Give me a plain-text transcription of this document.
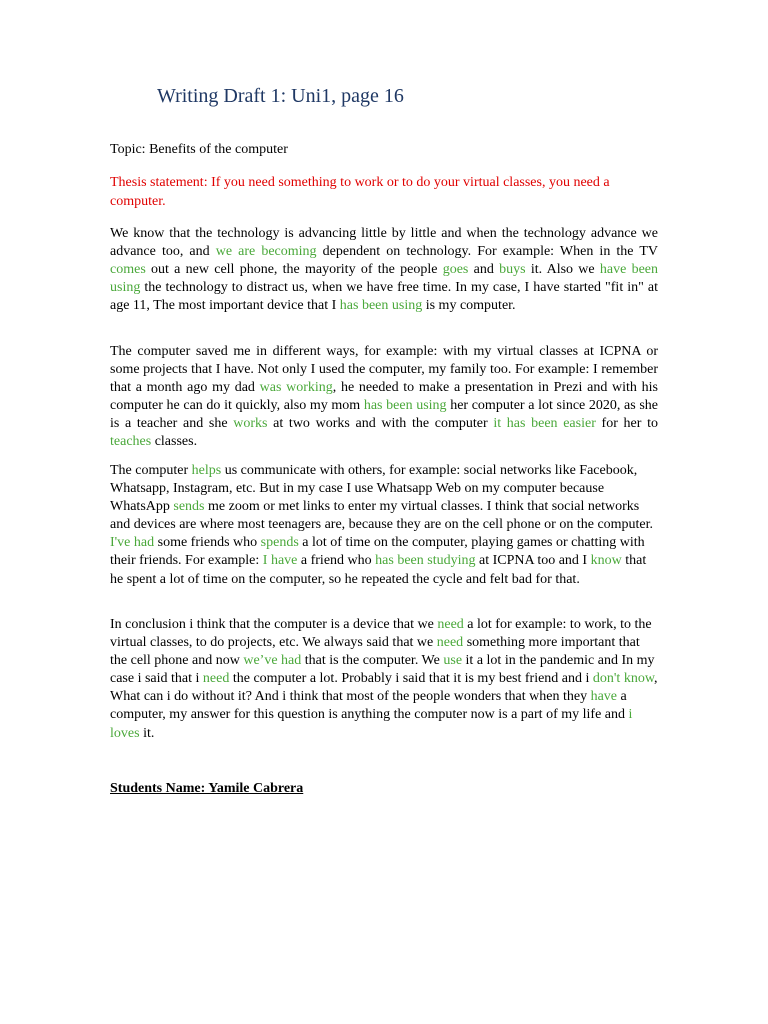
Writing Draft 1: Uni1, page 16
Topic: Benefits of the computer
Thesis statement: If you need something to work or to do your virtual classes, you need a computer.
We know that the technology is advancing little by little and when the technology advance we advance too, and we are becoming dependent on technology. For example: When in the TV comes out a new cell phone, the mayority of the people goes and buys it. Also we have been using the technology to distract us, when we have free time. In my case, I have started "fit in" at age 11, The most important device that I has been using is my computer.
The computer saved me in different ways, for example: with my virtual classes at ICPNA or some projects that I have. Not only I used the computer, my family too. For example: I remember that a month ago my dad was working, he needed to make a presentation in Prezi and with his computer he can do it quickly, also my mom has been using her computer a lot since 2020, as she is a teacher and she works at two works and with the computer it has been easier for her to teaches classes.
The computer helps us communicate with others, for example: social networks like Facebook, Whatsapp, Instagram, etc. But in my case I use Whatsapp Web on my computer because WhatsApp sends me zoom or met links to enter my virtual classes. I think that social networks and devices are where most teenagers are, because they are on the cell phone or on the computer. I've had some friends who spends a lot of time on the computer, playing games or chatting with their friends. For example: I have a friend who has been studying at ICPNA too and I know that he spent a lot of time on the computer, so he repeated the cycle and felt bad for that.
In conclusion i think that the computer is a device that we need a lot for example: to work, to the virtual classes, to do projects, etc. We always said that we need something more important that the cell phone and now we’ve had that is the computer. We use it a lot in the pandemic and In my case i said that i need the computer a lot. Probably i said that it is my best friend and i don't know, What can i do without it? And i think that most of the people wonders that when they have a computer, my answer for this question is anything the computer now is a part of my life and i loves it.
Students Name: Yamile Cabrera
